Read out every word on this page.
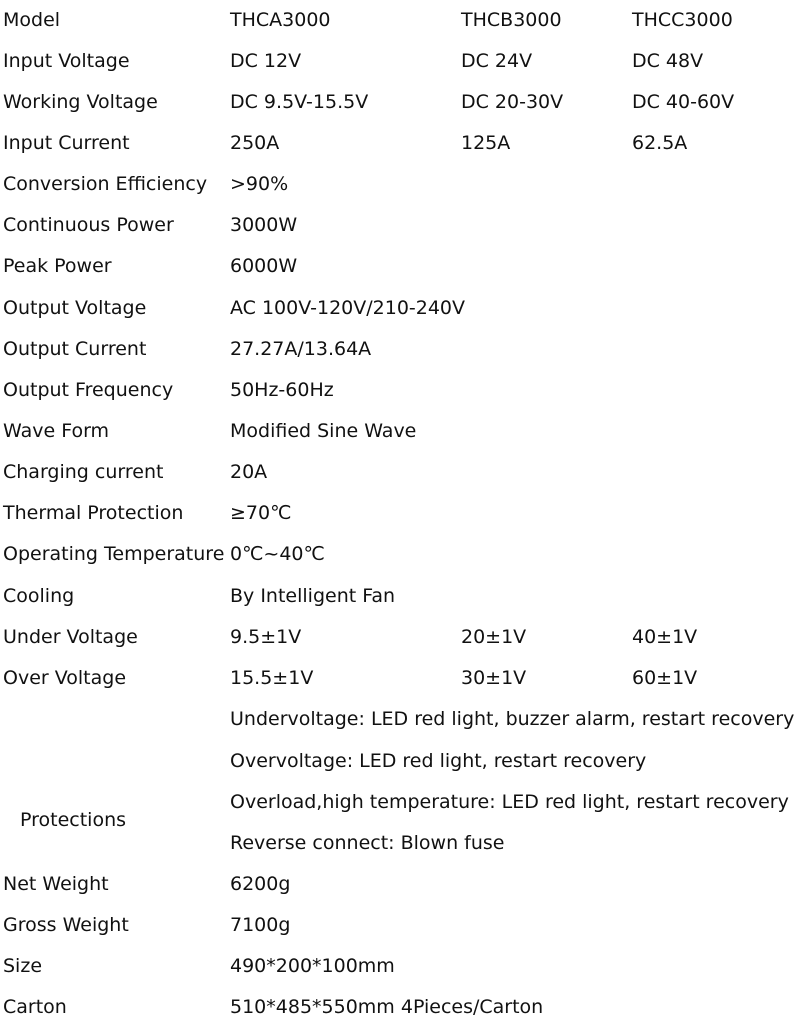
Model	THCA3000	THCB3000	THCC3000
Input Voltage	DC 12V	DC 24V	DC 48V
Working Voltage	DC 9.5V-15.5V	DC 20-30V	DC 40-60V
Input Current	250A	125A	62.5A
Conversion Efficiency >90%
Continuous Power	3000W
Peak Power	6000W
Output Voltage	AC 100V-120V/210-240V
Output Current	27.27A/13.64A
Output Frequency	50Hz-60Hz
Wave Form	Modified Sine Wave
Charging current	20A
Thermal Protection ≥70℃
Operating Temperature 0℃~40℃
Cooling	By Intelligent Fan
Under Voltage	9.5±1V	20±1V	40±1V
Over Voltage	15.5±1V	30±1V	60±1V
Protections
Undervoltage: LED red light, buzzer alarm, restart recovery
Overvoltage: LED red light, restart recovery
Overload,high temperature: LED red light, restart recovery
Reverse connect: Blown fuse
Net Weight	6200g
Gross Weight	7100g
Size	490*200*100mm
Carton	510*485*550mm 4Pieces/Carton
